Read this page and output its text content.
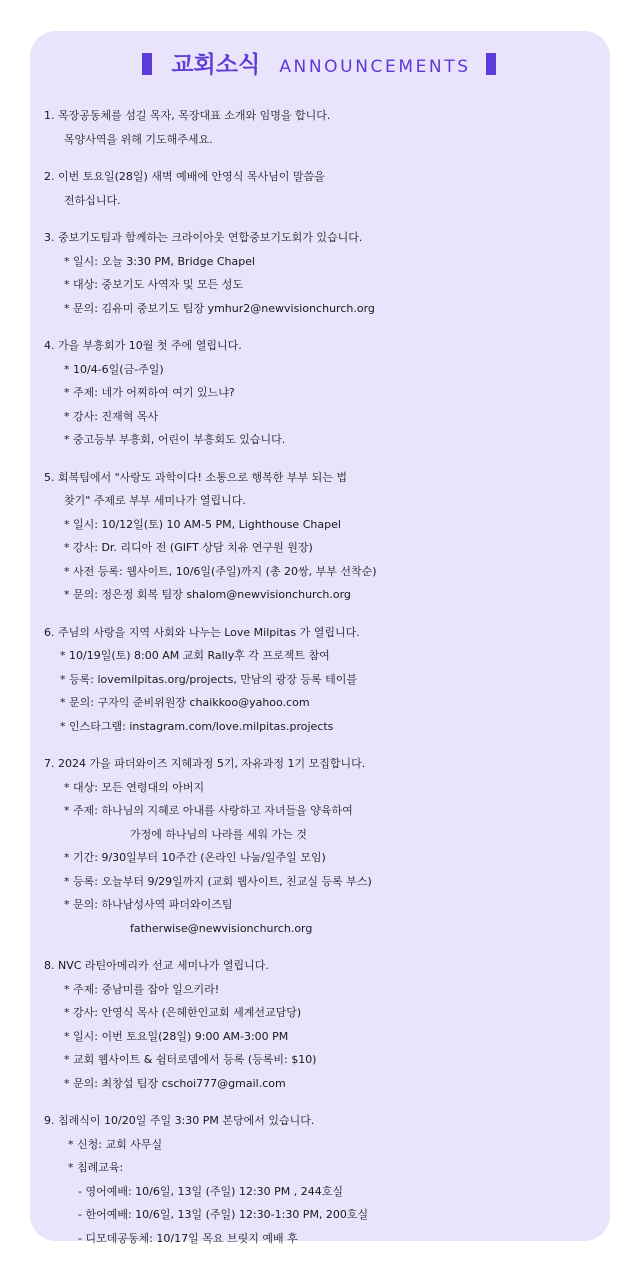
교회소식 ANNOUNCEMENTS
1. 목장공동체를 섬길 목자, 목장대표 소개와 임명을 합니다.
목양사역을 위해 기도해주세요.
2. 이번 토요일(28일) 새벽 예배에 안영식 목사님이 말씀을
전하십니다.
3. 중보기도팀과 함께하는 크라이아웃 연합중보기도회가 있습니다.
* 일시: 오늘 3:30 PM, Bridge Chapel
* 대상: 중보기도 사역자 및 모든 성도
* 문의: 김유미 중보기도 팀장 ymhur2@newvisionchurch.org
4. 가을 부흥회가 10월 첫 주에 열립니다.
* 10/4-6일(금-주일)
* 주제: 네가 어찌하여 여기 있느냐?
* 강사: 진재혁 목사
* 중고등부 부흥회, 어린이 부흥회도 있습니다.
5. 회복팀에서 "사랑도 과학이다! 소통으로 행복한 부부 되는 법
찾기" 주제로 부부 세미나가 열립니다.
* 일시: 10/12일(토) 10 AM-5 PM, Lighthouse Chapel
* 강사: Dr. 리디아 전 (GIFT 상담 치유 연구원 원장)
* 사전 등록: 웹사이트, 10/6일(주일)까지 (총 20쌍, 부부 선착순)
* 문의: 정은정 회복 팀장 shalom@newvisionchurch.org
6. 주님의 사랑을 지역 사회와 나누는 Love Milpitas 가 열립니다.
* 10/19일(토) 8:00 AM 교회 Rally후 각 프로젝트 참여
* 등록: lovemilpitas.org/projects, 만남의 광장 등록 테이블
* 문의: 구자익 준비위원장 chaikkoo@yahoo.com
* 인스타그램: instagram.com/love.milpitas.projects
7. 2024 가을 파더와이즈 지혜과정 5기, 자유과정 1기 모집합니다.
* 대상: 모든 연령대의 아버지
* 주제: 하나님의 지혜로 아내를 사랑하고 자녀들을 양육하여
가정에 하나님의 나라를 세워 가는 것
* 기간: 9/30일부터 10주간 (온라인 나눔/일주일 모임)
* 등록: 오늘부터 9/29일까지 (교회 웹사이트, 친교실 등록 부스)
* 문의: 하나남성사역 파더와이즈팀
fatherwise@newvisionchurch.org
8. NVC 라틴아메리카 선교 세미나가 열립니다.
* 주제: 중남미를 잡아 일으키라!
* 강사: 안영식 목사 (은혜한인교회 세계선교담당)
* 일시: 이번 토요일(28일) 9:00 AM-3:00 PM
* 교회 웹사이트 & 쉼터로뎀에서 등록 (등록비: $10)
* 문의: 최창섭 팀장 cschoi777@gmail.com
9. 침례식이 10/20일 주일 3:30 PM 본당에서 있습니다.
* 신청: 교회 사무실
* 침례교육:
- 영어예배: 10/6일, 13일 (주일) 12:30 PM , 244호실
- 한어예배: 10/6일, 13일 (주일) 12:30-1:30 PM, 200호실
- 디모데공동체: 10/17일 목요 브릿지 예배 후
